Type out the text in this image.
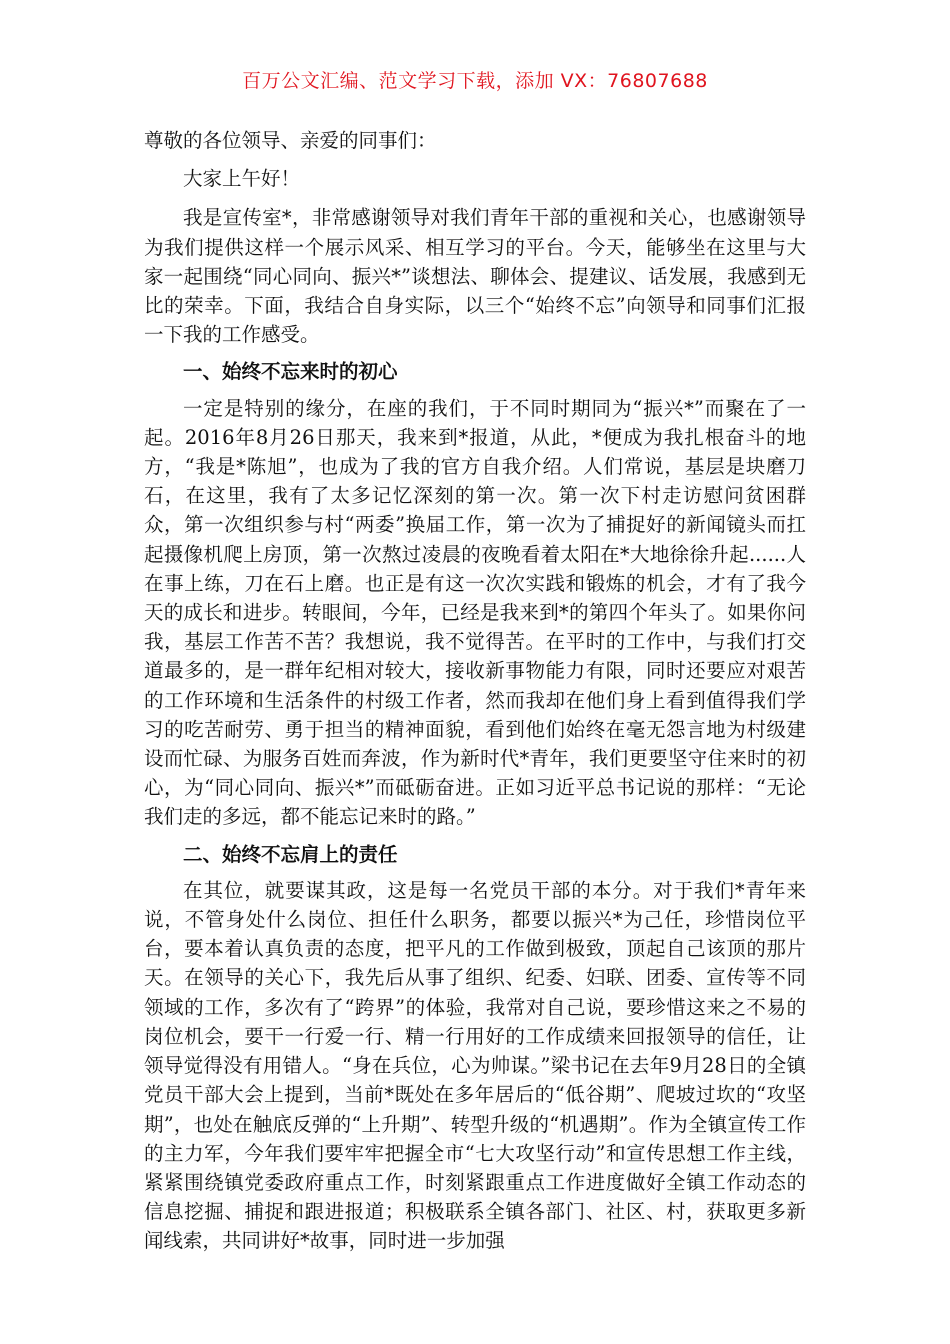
百万公文汇编、范文学习下载，添加 VX：76807688

尊敬的各位领导、亲爱的同事们：

大家上午好！

我是宣传室*，非常感谢领导对我们青年干部的重视和关心，也感谢领导为我们提供这样一个展示风采、相互学习的平台。今天，能够坐在这里与大家一起围绕“同心同向、振兴*”谈想法、聊体会、提建议、话发展，我感到无比的荣幸。下面，我结合自身实际，以三个“始终不忘”向领导和同事们汇报一下我的工作感受。

一、始终不忘来时的初心

一定是特别的缘分，在座的我们，于不同时期同为“振兴*”而聚在了一起。2016年8月26日那天，我来到*报道，从此，*便成为我扎根奋斗的地方，“我是*陈旭”，也成为了我的官方自我介绍。人们常说，基层是块磨刀石，在这里，我有了太多记忆深刻的第一次。第一次下村走访慰问贫困群众，第一次组织参与村“两委”换届工作，第一次为了捕捉好的新闻镜头而扛起摄像机爬上房顶，第一次熬过凌晨的夜晚看着太阳在*大地徐徐升起......人在事上练，刀在石上磨。也正是有这一次次实践和锻炼的机会，才有了我今天的成长和进步。转眼间，今年，已经是我来到*的第四个年头了。如果你问我，基层工作苦不苦？我想说，我不觉得苦。在平时的工作中，与我们打交道最多的，是一群年纪相对较大，接收新事物能力有限，同时还要应对艰苦的工作环境和生活条件的村级工作者，然而我却在他们身上看到值得我们学习的吃苦耐劳、勇于担当的精神面貌，看到他们始终在毫无怨言地为村级建设而忙碌、为服务百姓而奔波，作为新时代*青年，我们更要坚守住来时的初心，为“同心同向、振兴*”而砥砺奋进。正如习近平总书记说的那样：“无论我们走的多远，都不能忘记来时的路。”

二、始终不忘肩上的责任

在其位，就要谋其政，这是每一名党员干部的本分。对于我们*青年来说，不管身处什么岗位、担任什么职务，都要以振兴*为己任，珍惜岗位平台，要本着认真负责的态度，把平凡的工作做到极致，顶起自己该顶的那片天。在领导的关心下，我先后从事了组织、纪委、妇联、团委、宣传等不同领域的工作，多次有了“跨界”的体验，我常对自己说，要珍惜这来之不易的岗位机会，要干一行爱一行、精一行用好的工作成绩来回报领导的信任，让领导觉得没有用错人。“身在兵位，心为帅谋。”梁书记在去年9月28日的全镇党员干部大会上提到，当前*既处在多年居后的“低谷期”、爬坡过坎的“攻坚期”，也处在触底反弹的“上升期”、转型升级的“机遇期”。作为全镇宣传工作的主力军，今年我们要牢牢把握全市“七大攻坚行动”和宣传思想工作主线，紧紧围绕镇党委政府重点工作，时刻紧跟重点工作进度做好全镇工作动态的信息挖掘、捕捉和跟进报道；积极联系全镇各部门、社区、村，获取更多新闻线索，共同讲好*故事，同时进一步加强
